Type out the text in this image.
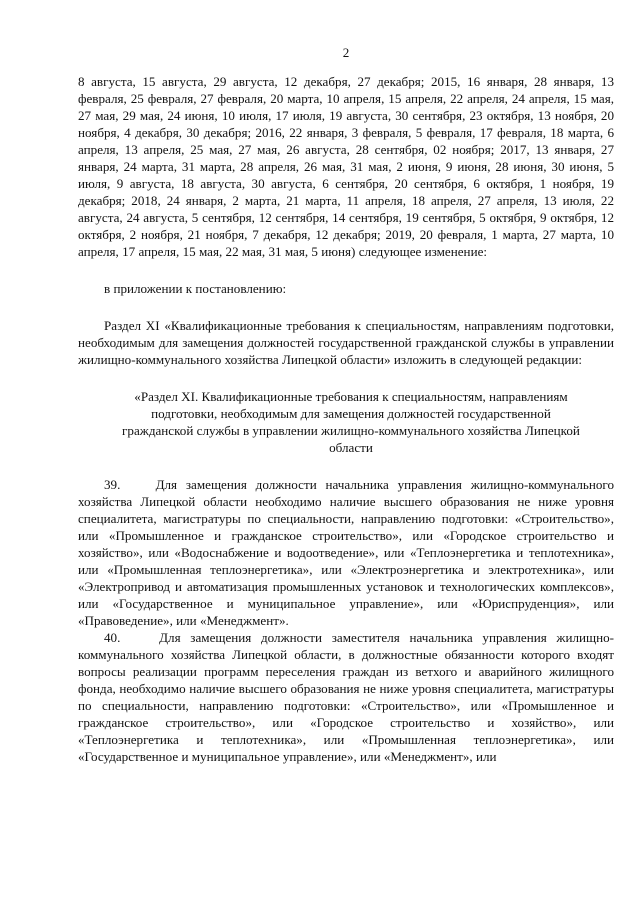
2

8 августа, 15 августа, 29 августа, 12 декабря, 27 декабря; 2015, 16 января, 28 января, 13 февраля, 25 февраля, 27 февраля, 20 марта, 10 апреля, 15 апреля, 22 апреля, 24 апреля, 15 мая, 27 мая, 29 мая, 24 июня, 10 июля, 17 июля, 19 августа, 30 сентября, 23 октября, 13 ноября, 20 ноября, 4 декабря, 30 декабря; 2016, 22 января, 3 февраля, 5 февраля, 17 февраля, 18 марта, 6 апреля, 13 апреля, 25 мая, 27 мая, 26 августа, 28 сентября, 02 ноября; 2017, 13 января, 27 января, 24 марта, 31 марта, 28 апреля, 26 мая, 31 мая, 2 июня, 9 июня, 28 июня, 30 июня, 5 июля, 9 августа, 18 августа, 30 августа, 6 сентября, 20 сентября, 6 октября, 1 ноября, 19 декабря; 2018, 24 января, 2 марта, 21 марта, 11 апреля, 18 апреля, 27 апреля, 13 июля, 22 августа, 24 августа, 5 сентября, 12 сентября, 14 сентября, 19 сентября, 5 октября, 9 октября, 12 октября, 2 ноября, 21 ноября, 7 декабря, 12 декабря; 2019, 20 февраля, 1 марта, 27 марта, 10 апреля, 17 апреля, 15 мая, 22 мая, 31 мая, 5 июня) следующее изменение:

в приложении к постановлению:

Раздел XI «Квалификационные требования к специальностям, направлениям подготовки, необходимым для замещения должностей государственной гражданской службы в управлении жилищно-коммунального хозяйства Липецкой области» изложить в следующей редакции:

«Раздел XI. Квалификационные требования к специальностям, направлениям подготовки, необходимым для замещения должностей государственной гражданской службы в управлении жилищно-коммунального хозяйства Липецкой области

39.	Для замещения должности начальника управления жилищно-коммунального хозяйства Липецкой области необходимо наличие высшего образования не ниже уровня специалитета, магистратуры по специальности, направлению подготовки: «Строительство», или «Промышленное и гражданское строительство», или «Городское строительство и хозяйство», или «Водоснабжение и водоотведение», или «Теплоэнергетика и теплотехника», или «Промышленная теплоэнергетика», или «Электроэнергетика и электротехника», или «Электропривод и автоматизация промышленных установок и технологических комплексов», или «Государственное и муниципальное управление», или «Юриспруденция», или «Правоведение», или «Менеджмент».

40.	Для замещения должности заместителя начальника управления жилищно-коммунального хозяйства Липецкой области, в должностные обязанности которого входят вопросы реализации программ переселения граждан из ветхого и аварийного жилищного фонда, необходимо наличие высшего образования не ниже уровня специалитета, магистратуры по специальности, направлению подготовки: «Строительство», или «Промышленное и гражданское строительство», или «Городское строительство и хозяйство», или «Теплоэнергетика и теплотехника», или «Промышленная теплоэнергетика», или «Государственное и муниципальное управление», или «Менеджмент», или
